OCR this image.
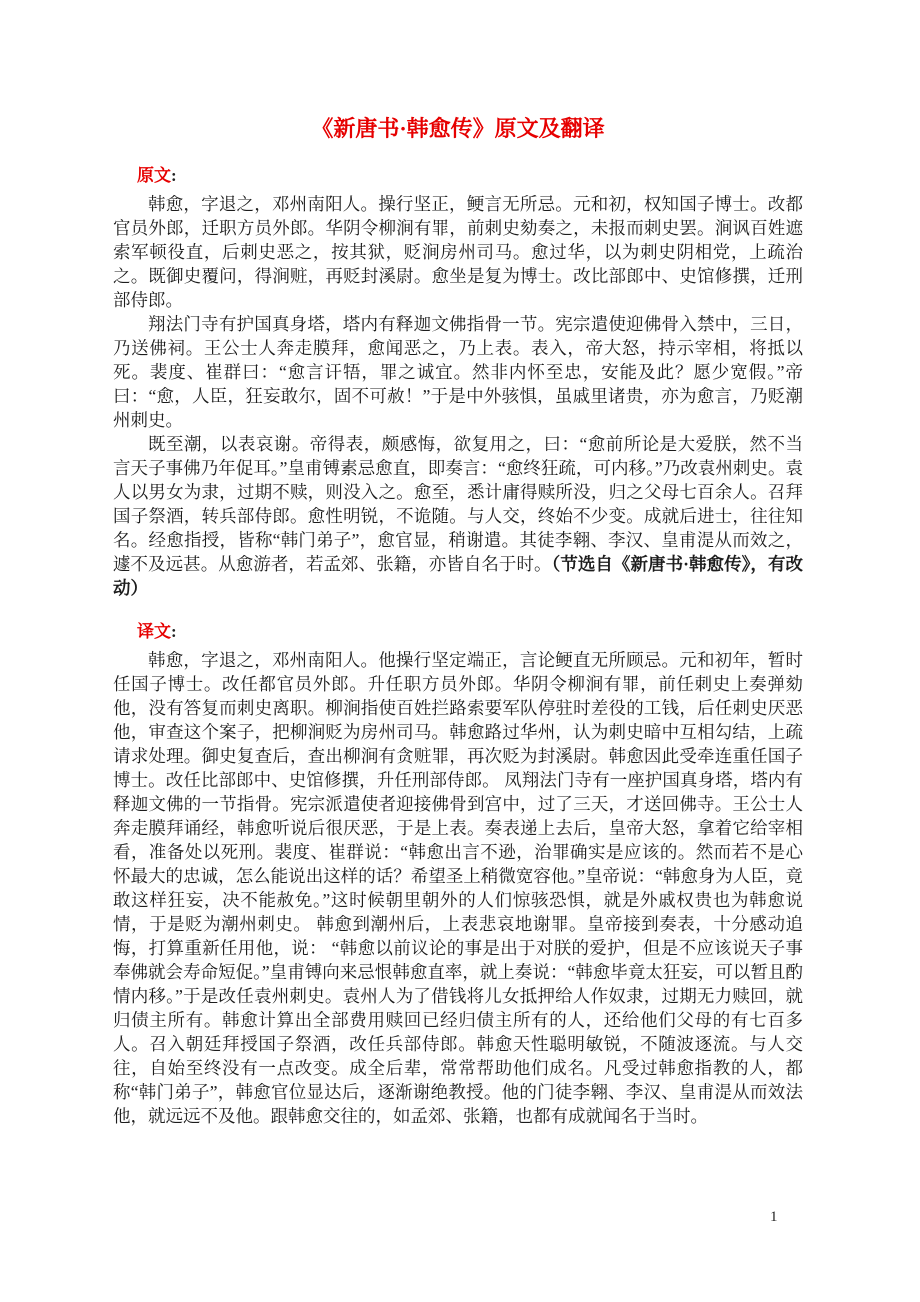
《新唐书·韩愈传》原文及翻译
原文:

韩愈，字退之，邓州南阳人。操行坚正，鲠言无所忌。元和初，权知国子博士。改都官员外郎，迁职方员外郎。华阴令柳涧有罪，前刺史劾奏之，未报而刺史罢。涧讽百姓遮索军顿役直，后刺史恶之，按其狱，贬涧房州司马。愈过华，以为刺史阴相党，上疏治之。既御史覆问，得涧赃，再贬封溪尉。愈坐是复为博士。改比部郎中、史馆修撰，迁刑部侍郎。

翔法门寺有护国真身塔，塔内有释迦文佛指骨一节。宪宗遣使迎佛骨入禁中，三日，乃送佛祠。王公士人奔走膜拜，愈闻恶之，乃上表。表入，帝大怒，持示宰相，将抵以死。裴度、崔群曰：“愈言讦牾，罪之诚宜。然非内怀至忠，安能及此？愿少宽假。”帝曰：“愈，人臣，狂妄敢尔，固不可赦！”于是中外骇惧，虽戚里诸贵，亦为愈言，乃贬潮州刺史。

既至潮，以表哀谢。帝得表，颇感悔，欲复用之，曰：“愈前所论是大爱朕，然不当言天子事佛乃年促耳。”皇甫镈素忌愈直，即奏言：“愈终狂疏，可内移。”乃改袁州刺史。袁人以男女为隶，过期不赎，则没入之。愈至，悉计庸得赎所没，归之父母七百余人。召拜国子祭酒，转兵部侍郎。愈性明锐，不诡随。与人交，终始不少变。成就后进士，往往知名。经愈指授，皆称“韩门弟子”，愈官显，稍谢遣。其徒李翱、李汉、皇甫湜从而效之，遽不及远甚。从愈游者，若孟郊、张籍，亦皆自名于时。（节选自《新唐书·韩愈传》，有改动）

译文:

韩愈，字退之，邓州南阳人。他操行坚定端正，言论鲠直无所顾忌。元和初年，暂时任国子博士。改任都官员外郎。升任职方员外郎。华阴令柳涧有罪，前任刺史上奏弹劾他，没有答复而刺史离职。柳涧指使百姓拦路索要军队停驻时差役的工钱，后任刺史厌恶他，审查这个案子，把柳涧贬为房州司马。韩愈路过华州，认为刺史暗中互相勾结，上疏请求处理。御史复查后，查出柳涧有贪赃罪，再次贬为封溪尉。韩愈因此受牵连重任国子博士。改任比部郎中、史馆修撰，升任刑部侍郎。 凤翔法门寺有一座护国真身塔，塔内有释迦文佛的一节指骨。宪宗派遣使者迎接佛骨到宫中，过了三天，才送回佛寺。王公士人奔走膜拜诵经，韩愈听说后很厌恶，于是上表。奏表递上去后，皇帝大怒，拿着它给宰相看，准备处以死刑。裴度、崔群说：“韩愈出言不逊，治罪确实是应该的。然而若不是心怀最大的忠诚，怎么能说出这样的话？希望圣上稍微宽容他。”皇帝说：“韩愈身为人臣，竟敢这样狂妄，决不能赦免。”这时候朝里朝外的人们惊骇恐惧，就是外戚权贵也为韩愈说情，于是贬为潮州刺史。 韩愈到潮州后，上表悲哀地谢罪。皇帝接到奏表，十分感动追悔，打算重新任用他，说： “韩愈以前议论的事是出于对朕的爱护，但是不应该说天子事奉佛就会寿命短促。”皇甫镈向来忌恨韩愈直率，就上奏说：“韩愈毕竟太狂妄，可以暂且酌情内移。”于是改任袁州刺史。袁州人为了借钱将儿女抵押给人作奴隶，过期无力赎回，就归债主所有。韩愈计算出全部费用赎回已经归债主所有的人，还给他们父母的有七百多人。召入朝廷拜授国子祭酒，改任兵部侍郎。韩愈天性聪明敏锐，不随波逐流。与人交往，自始至终没有一点改变。成全后辈，常常帮助他们成名。凡受过韩愈指教的人，都称“韩门弟子”，韩愈官位显达后，逐渐谢绝教授。他的门徒李翱、李汉、皇甫湜从而效法他，就远远不及他。跟韩愈交往的，如孟郊、张籍，也都有成就闻名于当时。

1
